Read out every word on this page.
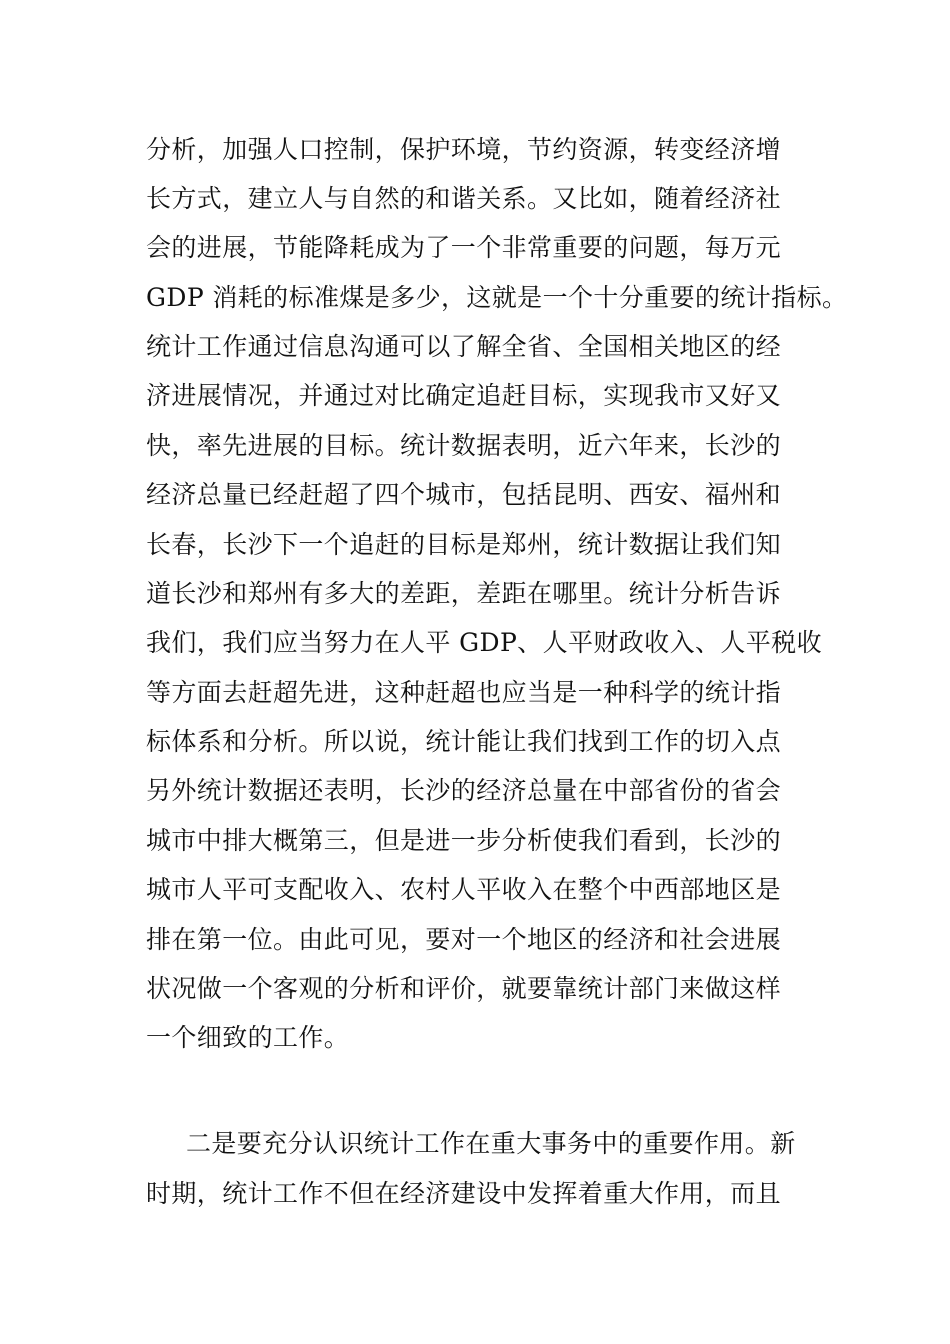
分析，加强人口控制，保护环境，节约资源，转变经济增
长方式，建立人与自然的和谐关系。又比如，随着经济社
会的进展，节能降耗成为了一个非常重要的问题，每万元
GDP 消耗的标准煤是多少，这就是一个十分重要的统计指标。
统计工作通过信息沟通可以了解全省、全国相关地区的经
济进展情况，并通过对比确定追赶目标，实现我市又好又
快，率先进展的目标。统计数据表明，近六年来，长沙的
经济总量已经赶超了四个城市，包括昆明、西安、福州和
长春，长沙下一个追赶的目标是郑州，统计数据让我们知
道长沙和郑州有多大的差距，差距在哪里。统计分析告诉
我们，我们应当努力在人平 GDP、人平财政收入、人平税收
等方面去赶超先进，这种赶超也应当是一种科学的统计指
标体系和分析。所以说，统计能让我们找到工作的切入点
另外统计数据还表明，长沙的经济总量在中部省份的省会
城市中排大概第三，但是进一步分析使我们看到，长沙的
城市人平可支配收入、农村人平收入在整个中西部地区是
排在第一位。由此可见，要对一个地区的经济和社会进展
状况做一个客观的分析和评价，就要靠统计部门来做这样
一个细致的工作。
二是要充分认识统计工作在重大事务中的重要作用。新
时期，统计工作不但在经济建设中发挥着重大作用，而且
